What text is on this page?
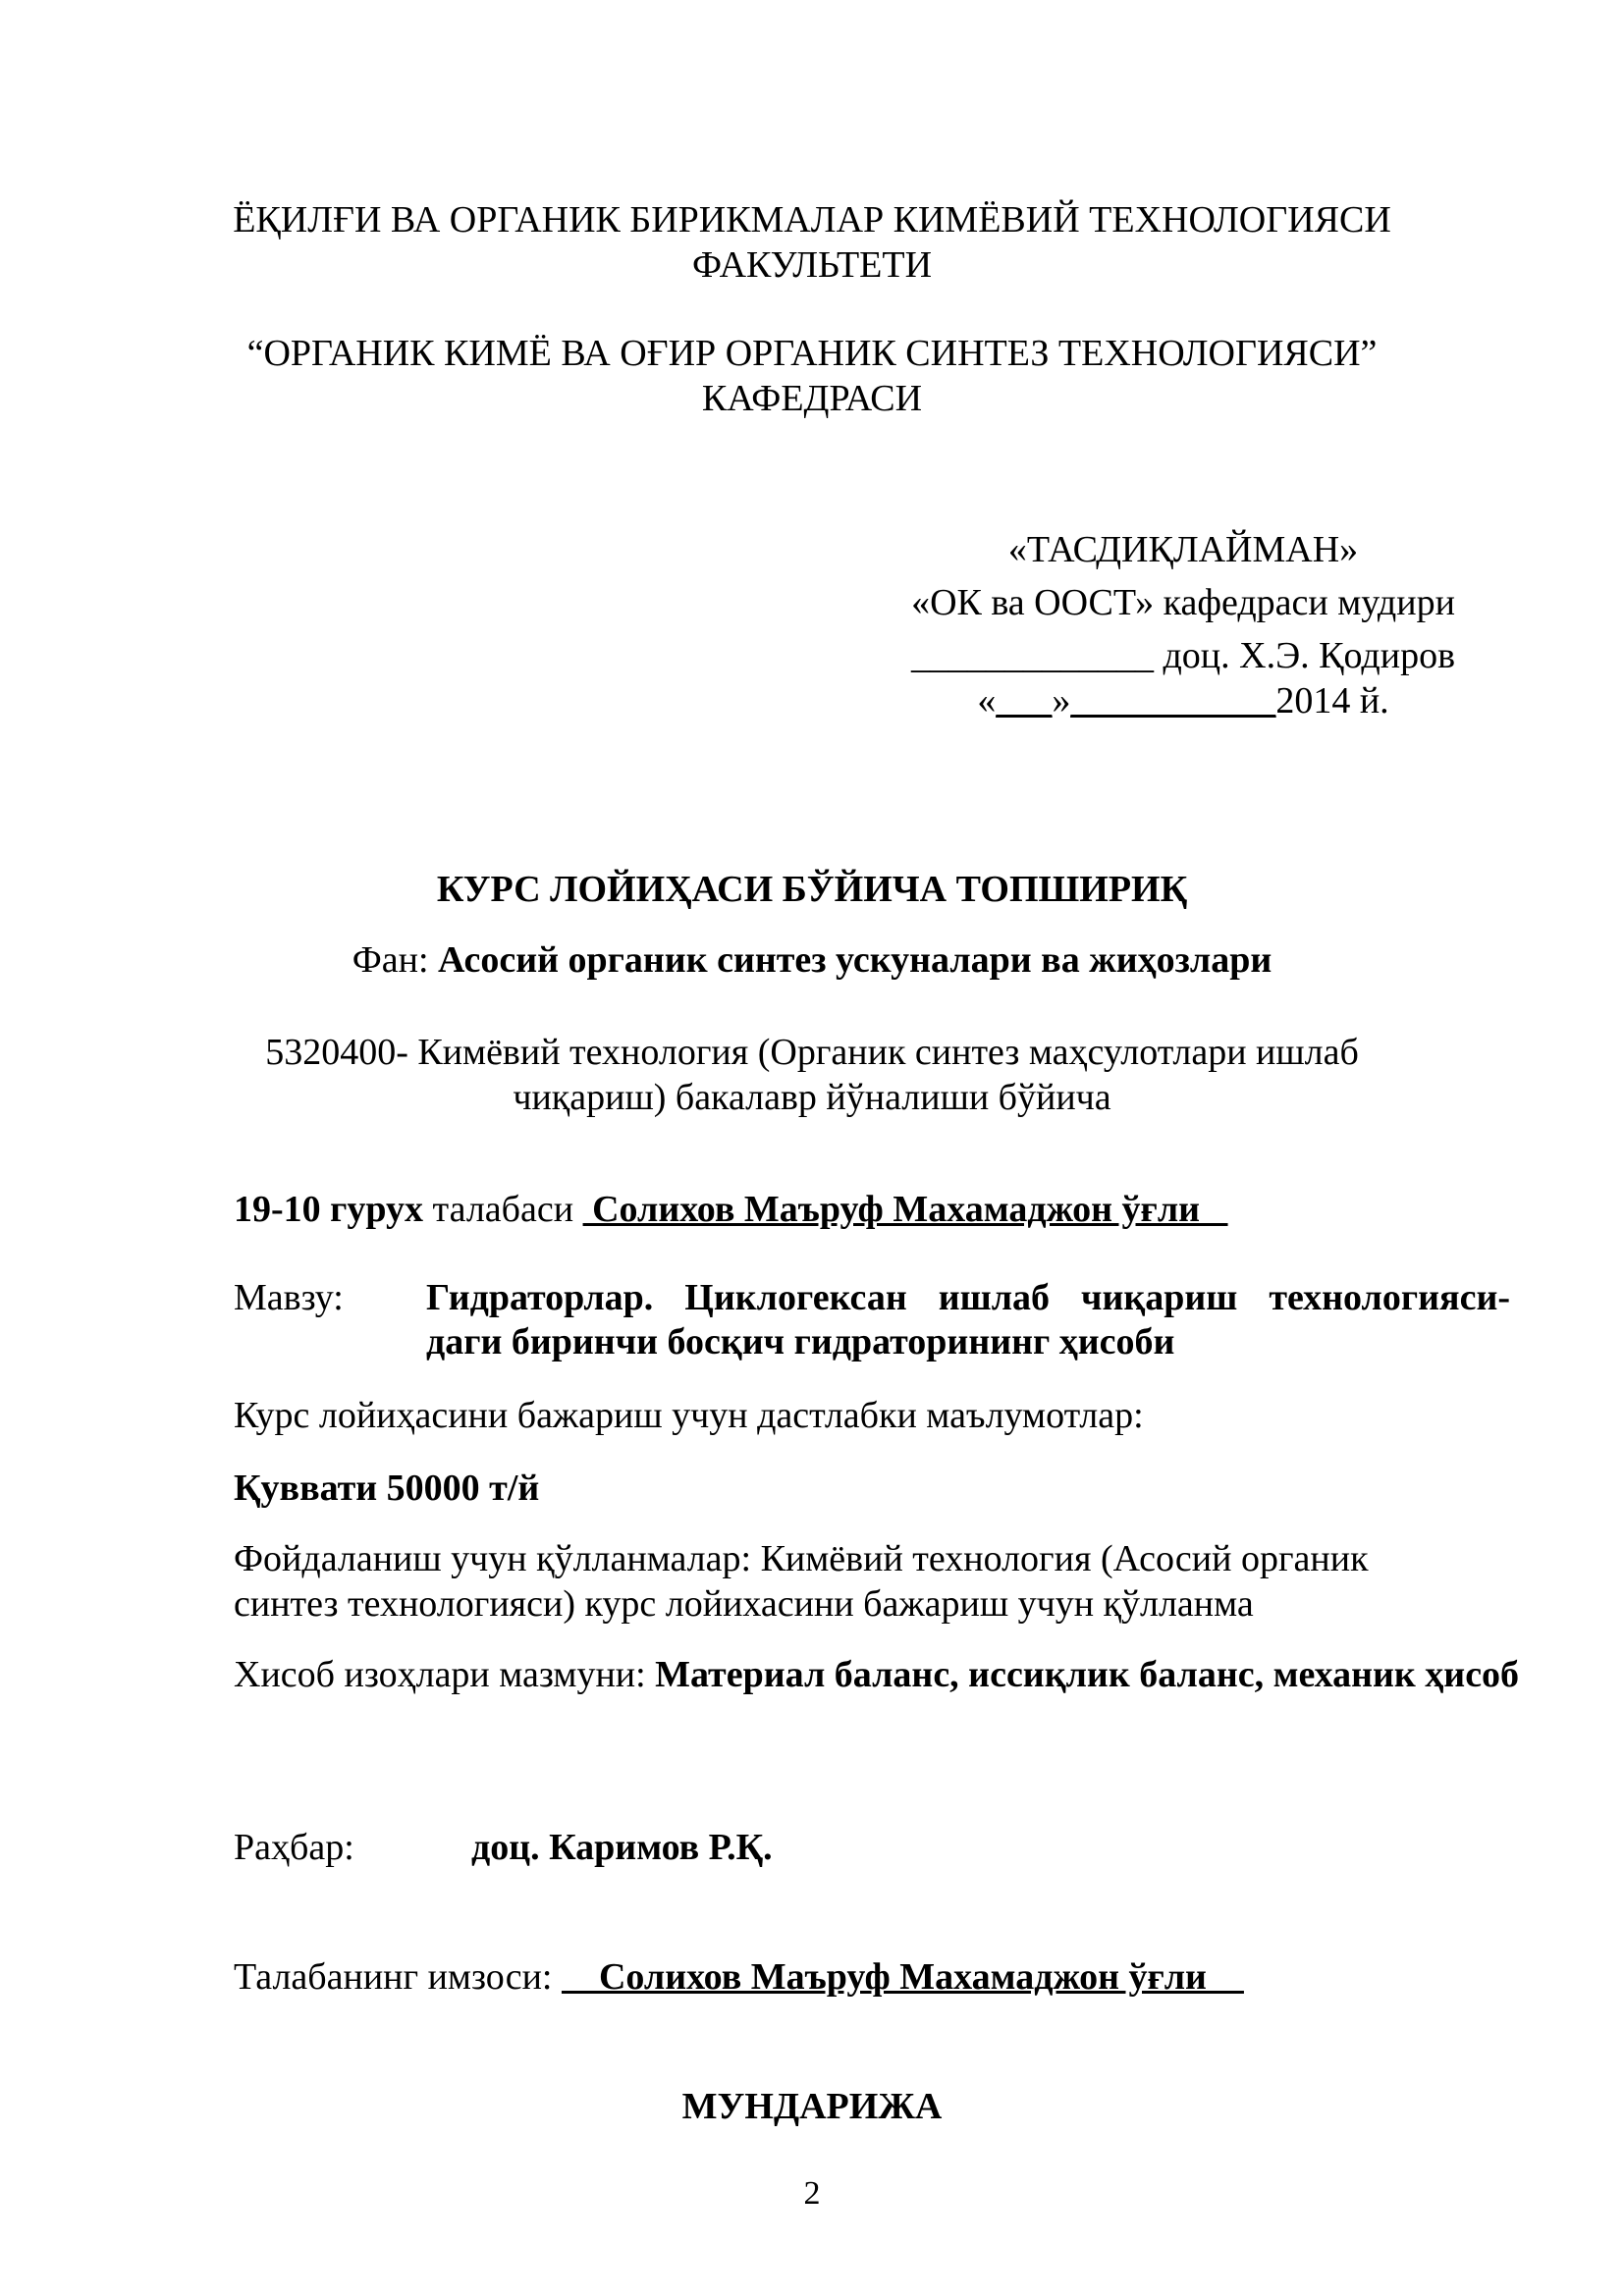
ЁҚИЛҒИ ВА ОРГАНИК БИРИКМАЛАР КИМЁВИЙ ТЕХНОЛОГИЯСИ
ФАКУЛЬТЕТИ
“ОРГАНИК КИМЁ ВА ОҒИР ОРГАНИК СИНТЕЗ ТЕХНОЛОГИЯСИ”
КАФЕДРАСИ
«ТАСДИҚЛАЙМАН»
«ОК ва ООСТ» кафедраси мудири
_____________ доц. Х.Э. Қодиров
«___»___________2014 й.
КУРС ЛОЙИҲАСИ БЎЙИЧА ТОПШИРИҚ
Фан: Асосий органик синтез ускуналари ва жиҳозлари
5320400- Кимёвий технология (Органик синтез маҳсулотлари ишлаб
чиқариш) бакалавр йўналиши бўйича
19-10 гурух талабаси  Солихов Маъруф Махамаджон ўғли
Мавзу: Гидраторлар. Циклогексан ишлаб чиқариш технологияси-
даги биринчи босқич гидраторининг ҳисоби
Курс лойиҳасини бажариш учун дастлабки маълумотлар:
Қуввати 50000 т/й
Фойдаланиш учун қўлланмалар: Кимёвий технология (Асосий органик
синтез технологияси) курс лойихасини бажариш учун қўлланма
Хисоб изоҳлари мазмуни: Материал баланс, иссиқлик баланс, механик ҳисоб
Раҳбар:	доц. Каримов Р.Қ.
Талабанинг имзоси:     Солихов Маъруф Махамаджон ўғли
МУНДАРИЖА
2
